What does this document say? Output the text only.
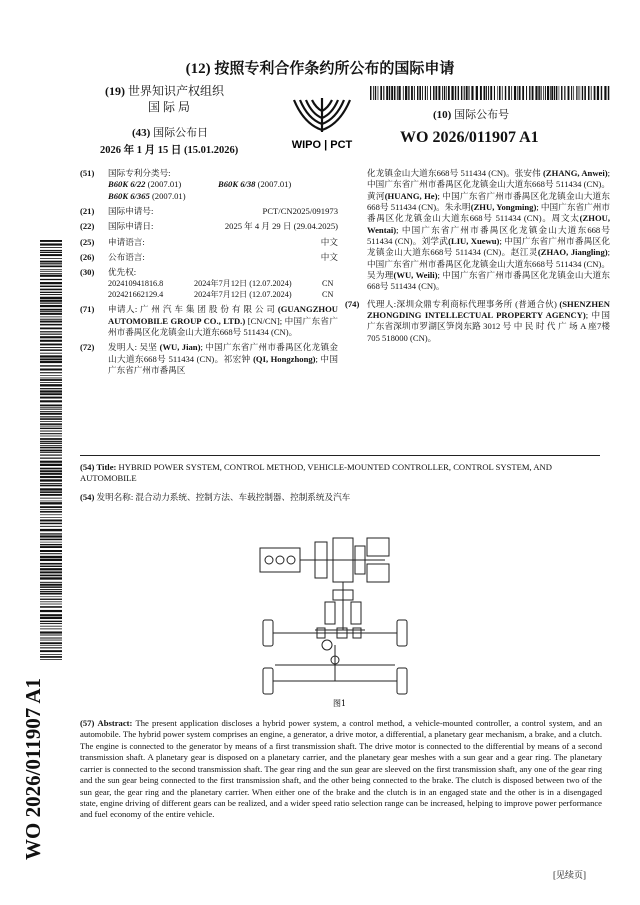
(12) 按照专利合作条约所公布的国际申请
(19) 世界知识产权组织
国 际 局
WIPO | PCT
(10) 国际公布号
WO 2026/011907 A1
(43) 国际公布日
2026 年 1 月 15 日 (15.01.2026)
(51)	国际专利分类号:
B60K 6/22 (2007.01)	B60K 6/38 (2007.01)
B60K 6/365 (2007.01)
(21)	国际申请号:	PCT/CN2025/091973
(22)	国际申请日:	2025 年 4 月 29 日 (29.04.2025)
(25)	申请语言:	中文
(26)	公布语言:	中文
(30)	优先权:
202410941816.8	2024年7月12日 (12.07.2024)	CN
202421662129.4	2024年7月12日 (12.07.2024)	CN
(71)	申请人: 广 州 汽 车 集 团 股 份 有 限 公 司 (GUANGZHOU AUTOMOBILE GROUP CO., LTD.) [CN/CN]; 中国广东省广州市番禺区化龙镇金山大道东668号 511434 (CN)。
(72)	发明人: 吴坚 (WU, Jian); 中国广东省广州市番禺区化龙镇金山大道东668号 511434 (CN)。祁宏钟 (QI, Hongzhong); 中国广东省广州市番禺区
化龙镇金山大道东668号 511434 (CN)。张安伟 (ZHANG, Anwei); 中国广东省广州市番禺区化龙镇金山大道东668号 511434 (CN)。黄河(HUANG, He); 中国广东省广州市番禺区化龙镇金山大道东668号 511434 (CN)。朱永明(ZHU, Yongming); 中国广东省广州市番禺区化龙镇金山大道东668号 511434 (CN)。周文太(ZHOU, Wentai); 中国广东省广州市番禺区化龙镇金山大道东668号 511434 (CN)。刘学武(LIU, Xuewu); 中国广东省广州市番禺区化龙镇金山大道东668号 511434 (CN)。赵江灵(ZHAO, Jiangling); 中国广东省广州市番禺区化龙镇金山大道东668号 511434 (CN)。吴为理(WU, Weili); 中国广东省广州市番禺区化龙镇金山大道东668号 511434 (CN)。
(74) 代理人:深圳众鼎专利商标代理事务所 (普通合伙) (SHENZHEN ZHONGDING INTELLECTUAL PROPERTY AGENCY); 中国广东省深圳市罗湖区笋岗东路 3012 号 中 民 时 代 广 场 A 座7楼705 518000 (CN)。
(54) Title: HYBRID POWER SYSTEM, CONTROL METHOD, VEHICLE-MOUNTED CONTROLLER, CONTROL SYSTEM, AND AUTOMOBILE
(54) 发明名称: 混合动力系统、控制方法、车载控制器、控制系统及汽车
图1
(57) Abstract: The present application discloses a hybrid power system, a control method, a vehicle-mounted controller, a control system, and an automobile. The hybrid power system comprises an engine, a generator, a drive motor, a differential, a planetary gear mechanism, a brake, and a clutch. The engine is connected to the generator by means of a first transmission shaft. The drive motor is connected to the differential by means of a second transmission shaft. A planetary gear is disposed on a planetary carrier, and the planetary gear meshes with a sun gear and a gear ring. The planetary carrier is connected to the second transmission shaft. The gear ring and the sun gear are sleeved on the first transmission shaft, any one of the gear ring and the sun gear being connected to the first transmission shaft, and the other being connected to the brake. The clutch is disposed between two of the sun gear, the gear ring and the planetary carrier. When either one of the brake and the clutch is in an engaged state and the other is in a disengaged state, engine driving of different gears can be realized, and a wider speed ratio selection range can be increased, helping to improve power performance and fuel economy of the entire vehicle.
[见续页]
WO 2026/011907 A1
